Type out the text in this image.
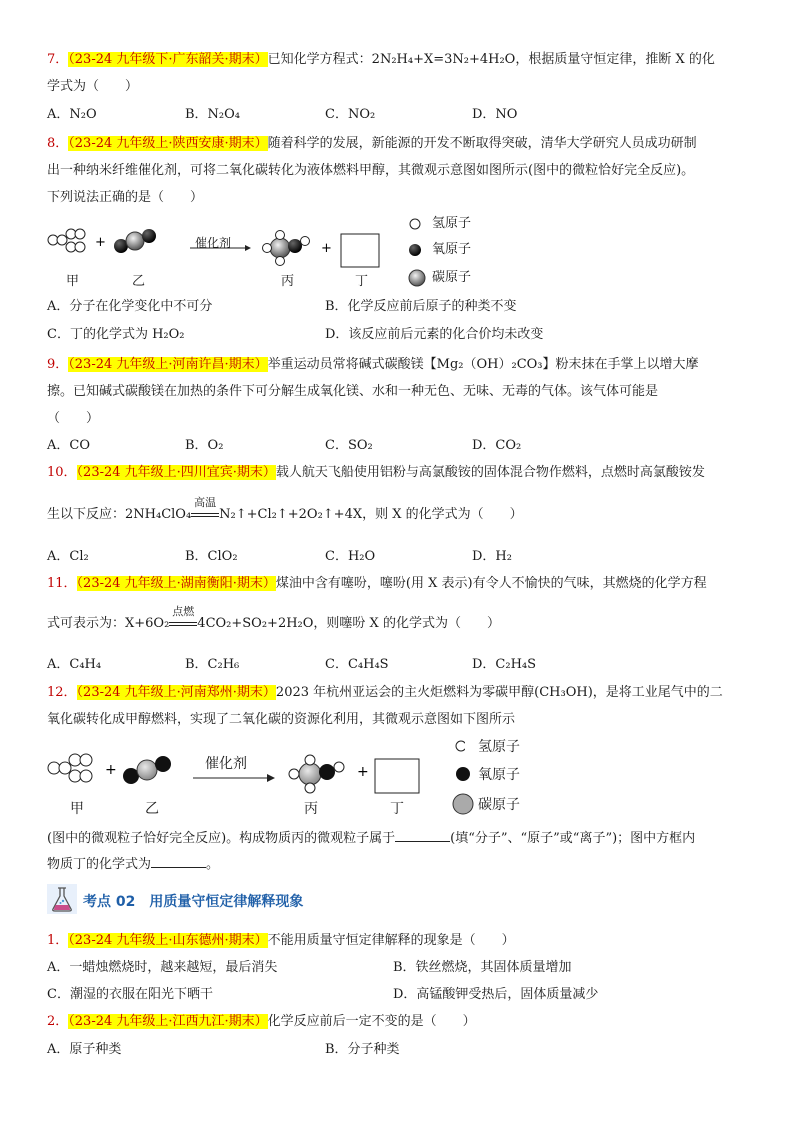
7．（23-24 九年级下·广东韶关·期末）已知化学方程式：2N₂H₄+X=3N₂+4H₂O，根据质量守恒定律，推断 X 的化
学式为（　　）
A．N₂O	B．N₂O₄	C．NO₂	D．NO
8．（23-24 九年级上·陕西安康·期末）随着科学的发展，新能源的开发不断取得突破，清华大学研究人员成功研制
出一种纳米纤维催化剂，可将二氧化碳转化为液体燃料甲醇，其微观示意图如图所示(图中的微粒恰好完全反应)。
下列说法正确的是（　　）
+	+
甲	乙
催化剂
丙	丁
氢原子
氧原子
碳原子
A．分子在化学变化中不可分	B．化学反应前后原子的种类不变
C．丁的化学式为 H₂O₂	D．该反应前后元素的化合价均未改变
9．（23-24 九年级上·河南许昌·期末）举重运动员常将碱式碳酸镁【Mg₂（OH）₂CO₃】粉末抹在手掌上以增大摩
擦。已知碱式碳酸镁在加热的条件下可分解生成氧化镁、水和一种无色、无味、无毒的气体。该气体可能是
（　　）
A．CO	B．O₂	C．SO₂	D．CO₂
10．（23-24 九年级上·四川宜宾·期末）载人航天飞船使用铝粉与高氯酸铵的固体混合物作燃料，点燃时高氯酸铵发
生以下反应：2NH₄ClO₄
高温
N₂↑+Cl₂↑+2O₂↑+4X，则 X 的化学式为（　　）
A．Cl₂	B．ClO₂	C．H₂O	D．H₂
11．（23-24 九年级上·湖南衡阳·期末）煤油中含有噻吩，噻吩(用 X 表示)有令人不愉快的气味，其燃烧的化学方程
式可表示为：X+6O₂
点燃
4CO₂+SO₂+2H₂O，则噻吩 X 的化学式为（　　）
A．C₄H₄	B．C₂H₆	C．C₄H₄S	D．C₂H₄S
12．（23-24 九年级上·河南郑州·期末）2023 年杭州亚运会的主火炬燃料为零碳甲醇(CH₃OH)，是将工业尾气中的二
氧化碳转化成甲醇燃料，实现了二氧化碳的资源化利用，其微观示意图如下图所示
+	+
甲	乙
催化剂
丙	丁
氢原子
氧原子
碳原子
(图中的微观粒子恰好完全反应)。构成物质丙的微观粒子属于	(填“分子”、“原子”或“离子”)；图中方框内
物质丁的化学式为	。
考点 02　用质量守恒定律解释现象
1．（23-24 九年级上·山东德州·期末）不能用质量守恒定律解释的现象是（　　）
A．一蜡烛燃烧时，越来越短，最后消失	B．铁丝燃烧，其固体质量增加
C．潮湿的衣服在阳光下晒干	D．高锰酸钾受热后，固体质量减少
2．（23-24 九年级上·江西九江·期末）化学反应前后一定不变的是（　　）
A．原子种类	B．分子种类
